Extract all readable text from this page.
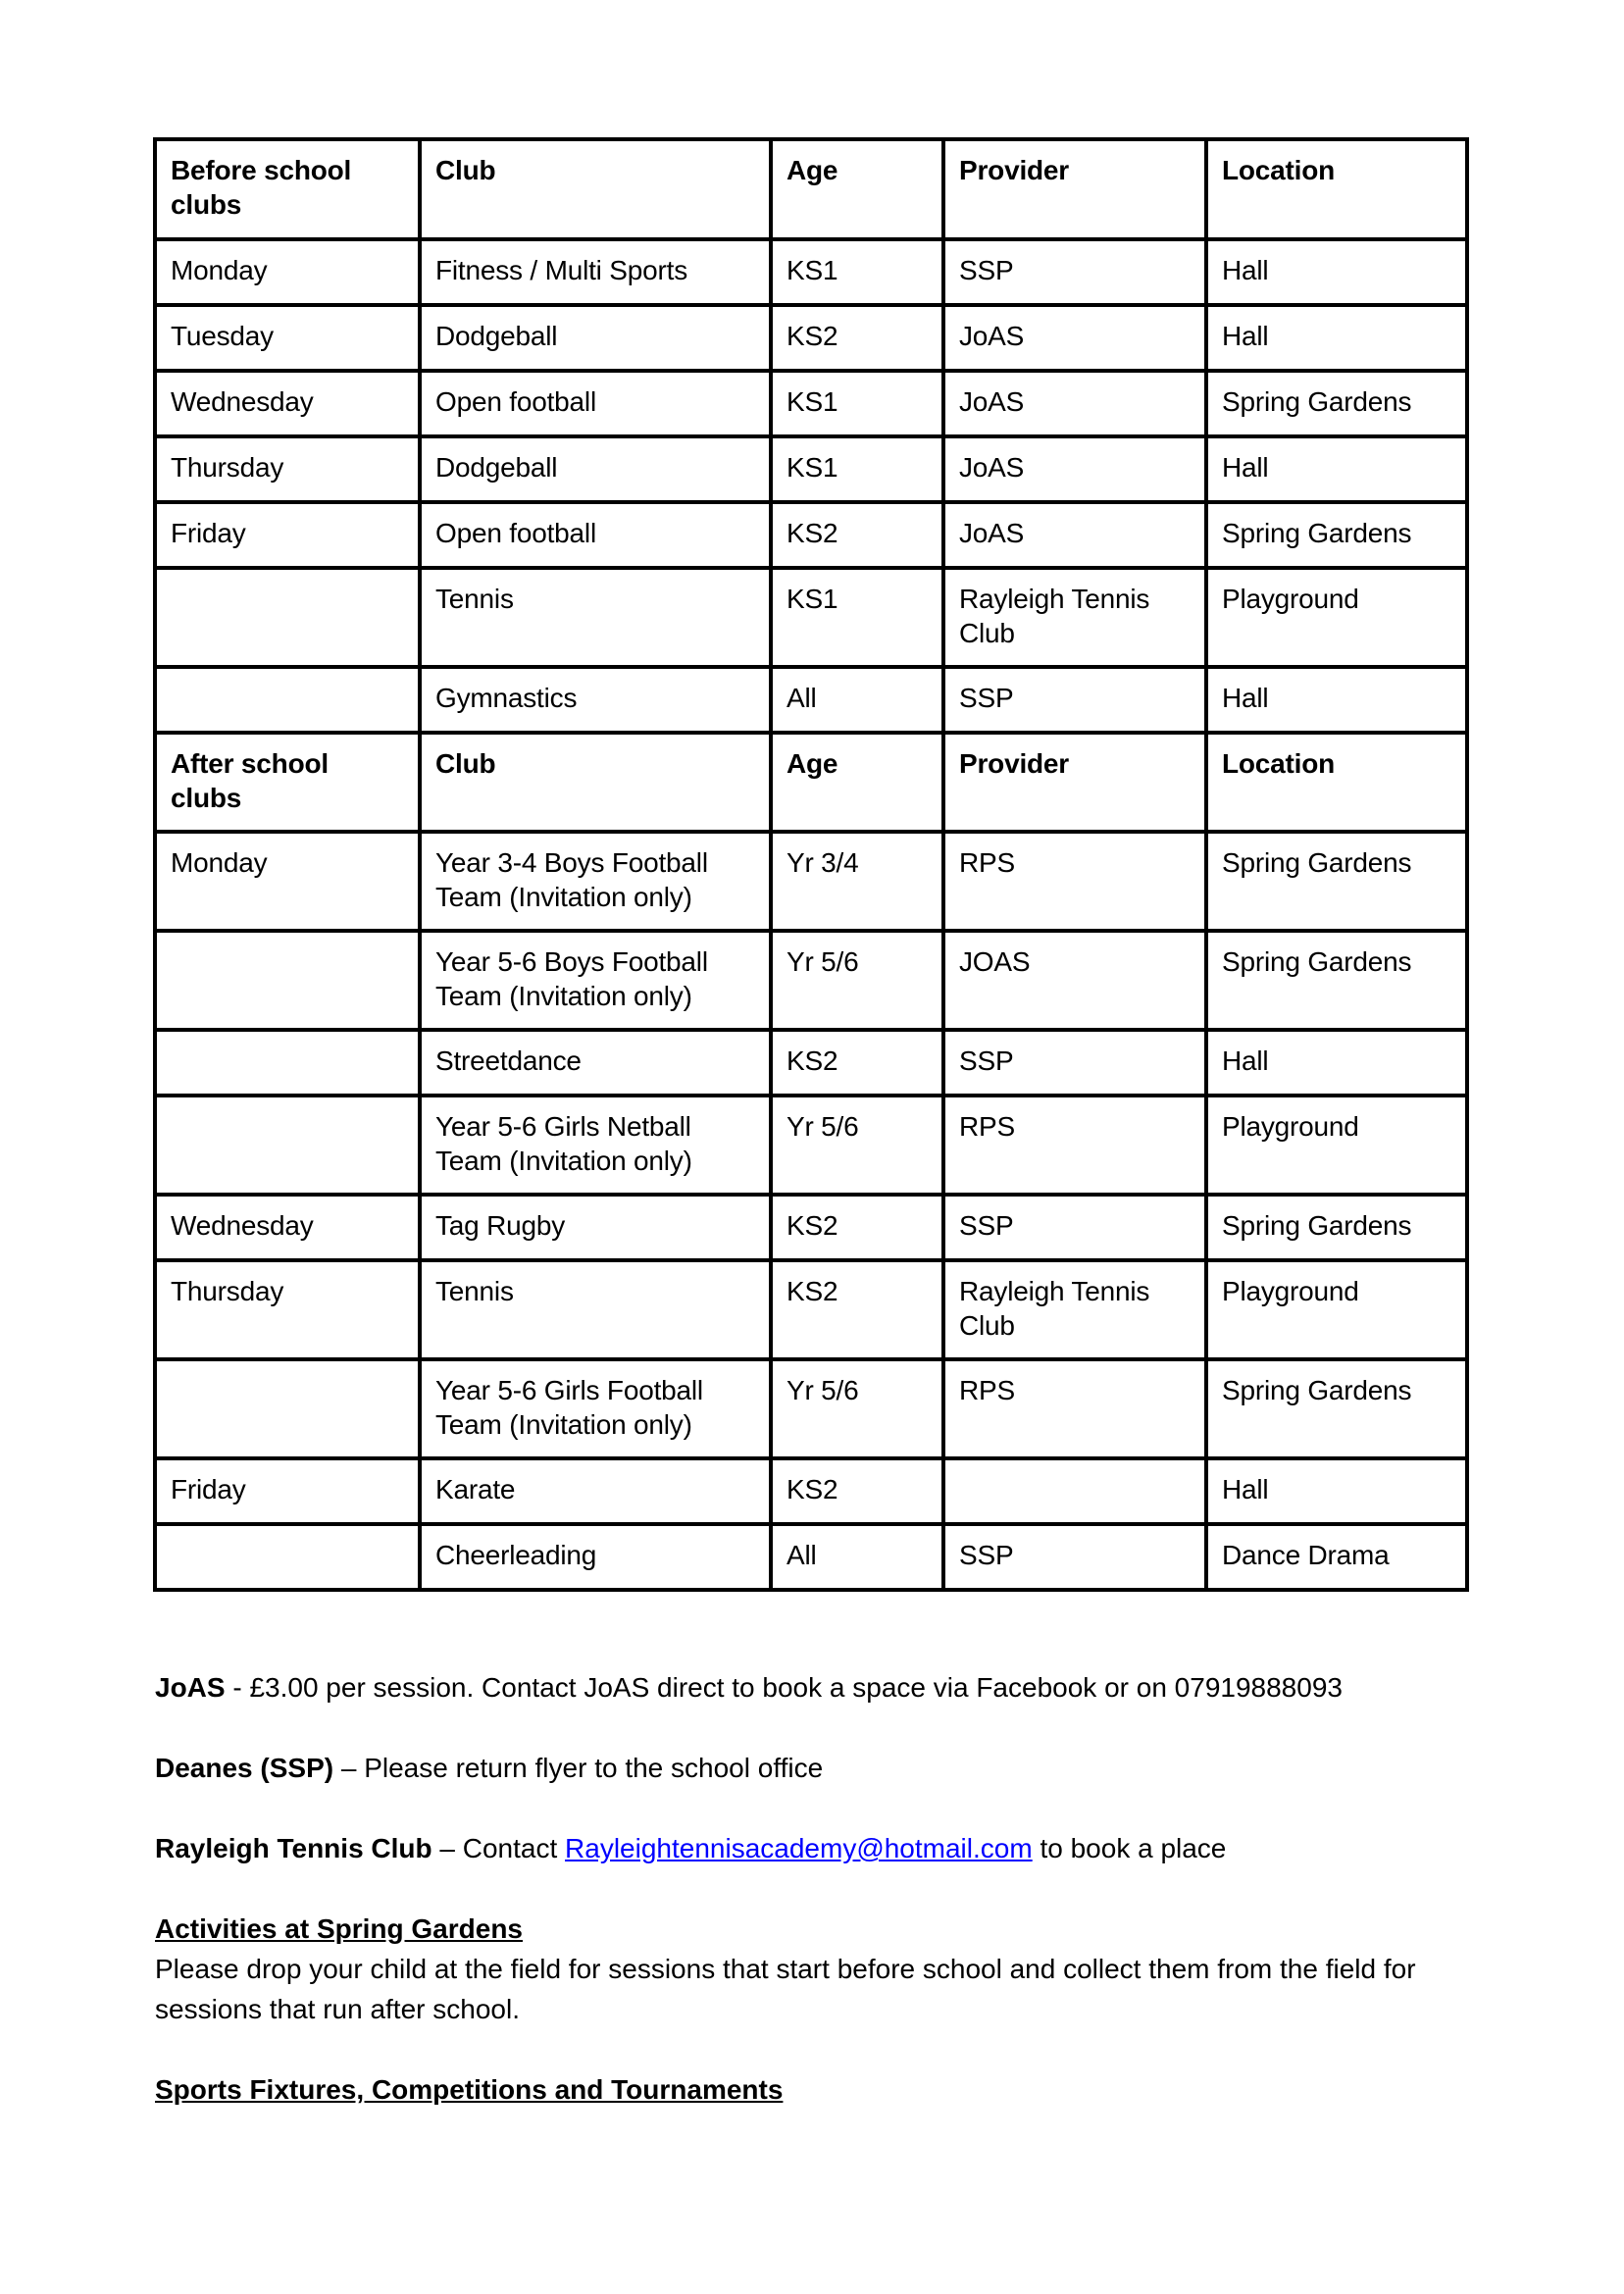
Before school clubs	Club	Age	Provider	Location
Monday	Fitness / Multi Sports	KS1	SSP	Hall
Tuesday	Dodgeball	KS2	JoAS	Hall
Wednesday	Open football	KS1	JoAS	Spring Gardens
Thursday	Dodgeball	KS1	JoAS	Hall
Friday	Open football	KS2	JoAS	Spring Gardens
	Tennis	KS1	Rayleigh Tennis Club	Playground
	Gymnastics	All	SSP	Hall
After school clubs	Club	Age	Provider	Location
Monday	Year 3-4 Boys Football Team (Invitation only)	Yr 3/4	RPS	Spring Gardens
	Year 5-6 Boys Football Team (Invitation only)	Yr 5/6	JOAS	Spring Gardens
	Streetdance	KS2	SSP	Hall
	Year 5-6 Girls Netball Team (Invitation only)	Yr 5/6	RPS	Playground
Wednesday	Tag Rugby	KS2	SSP	Spring Gardens
Thursday	Tennis	KS2	Rayleigh Tennis Club	Playground
	Year 5-6 Girls Football Team (Invitation only)	Yr 5/6	RPS	Spring Gardens
Friday	Karate	KS2		Hall
	Cheerleading	All	SSP	Dance Drama

JoAS - £3.00 per session. Contact JoAS direct to book a space via Facebook or on 07919888093

Deanes (SSP) – Please return flyer to the school office

Rayleigh Tennis Club – Contact Rayleightennisacademy@hotmail.com to book a place

Activities at Spring Gardens

Please drop your child at the field for sessions that start before school and collect them from the field for sessions that run after school.

Sports Fixtures, Competitions and Tournaments
